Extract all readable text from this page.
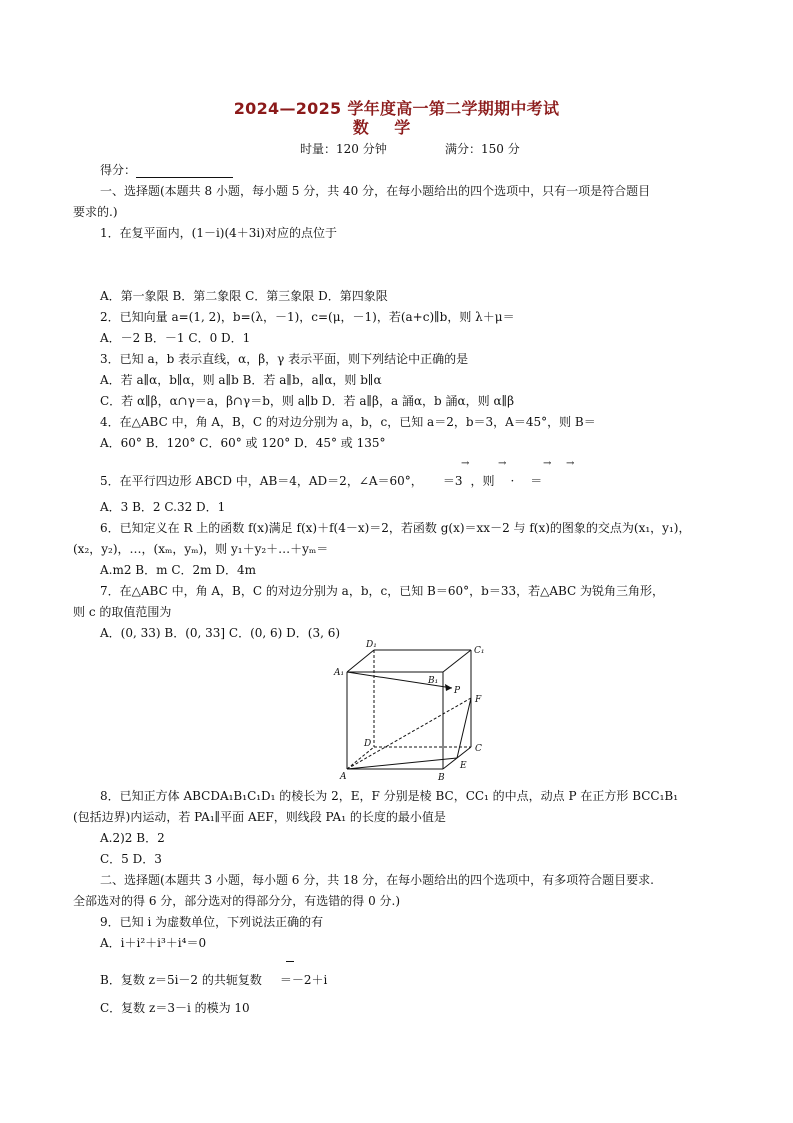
2024—2025 学年度高一第二学期期中考试
数 学
时量：120 分钟	满分：150 分
得分：
一、选择题(本题共 8 小题，每小题 5 分，共 40 分，在每小题给出的四个选项中，只有一项是符合题目
要求的.)
1．在复平面内，(1－i)(4＋3i)对应的点位于
A．第一象限 B．第二象限 C．第三象限 D．第四象限
2．已知向量 a=(1, 2)，b=(λ，－1)，c=(μ，－1)，若(a+c)∥b，则 λ＋μ＝
A．－2 B．－1 C．0 D．1
3．已知 a，b 表示直线，α，β，γ 表示平面，则下列结论中正确的是
A．若 a∥α，b∥α，则 a∥b B．若 a∥b，a∥α，则 b∥α
C．若 α∥β，α∩γ＝a，β∩γ＝b，则 a∥b D．若 a∥β，a 誦α，b 誦α，则 α∥β
4．在△ABC 中，角 A，B，C 的对边分别为 a，b，c，已知 a＝2，b＝3，A＝45°，则 B＝
A．60° B．120° C．60° 或 120° D．45° 或 135°
→	→	→ →
5．在平行四边形 ABCD 中，AB＝4，AD＝2，∠A＝60°， ＝3 ，则 · ＝
A．3 B．2 C.32 D．1
6．已知定义在 R 上的函数 f(x)满足 f(x)＋f(4－x)＝2，若函数 g(x)＝xx－2 与 f(x)的图象的交点为(x₁，y₁)，
(x₂，y₂)，…，(xₘ，yₘ)，则 y₁＋y₂＋…＋yₘ＝
A.m2 B．m C．2m D．4m
7．在△ABC 中，角 A，B，C 的对边分别为 a，b，c，已知 B＝60°，b＝33，若△ABC 为锐角三角形，
则 c 的取值范围为
A．(0, 33) B．(0, 33] C．(0, 6) D．(3, 6)
D₁
C₁
A₁
B₁
P
F
D	C
A	B
E
8．已知正方体 ABCDA₁B₁C₁D₁ 的棱长为 2，E，F 分别是棱 BC，CC₁ 的中点，动点 P 在正方形 BCC₁B₁
(包括边界)内运动，若 PA₁∥平面 AEF，则线段 PA₁ 的长度的最小值是
A.2)2 B．2
C．5 D．3
二、选择题(本题共 3 小题，每小题 6 分，共 18 分，在每小题给出的四个选项中，有多项符合题目要求.
全部选对的得 6 分，部分选对的得部分分，有选错的得 0 分.)
9．已知 i 为虚数单位，下列说法正确的有
A．i＋i²＋i³＋i⁴＝0
B．复数 z＝5i－2 的共轭复数 ＝－2＋i
C．复数 z＝3－i 的模为 10
